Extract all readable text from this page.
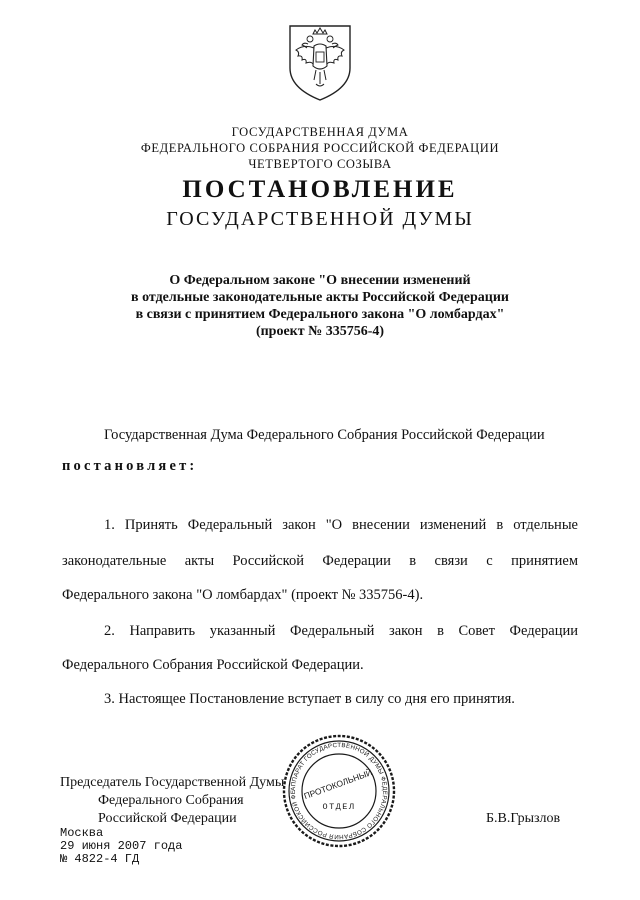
ГОСУДАРСТВЕННАЯ ДУМА
ФЕДЕРАЛЬНОГО СОБРАНИЯ РОССИЙСКОЙ ФЕДЕРАЦИИ
ЧЕТВЕРТОГО СОЗЫВА
ПОСТАНОВЛЕНИЕ
ГОСУДАРСТВЕННОЙ ДУМЫ
О Федеральном законе "О внесении изменений
в отдельные законодательные акты Российской Федерации
в связи с принятием Федерального закона "О ломбардах"
(проект № 335756-4)
Государственная Дума Федерального Собрания Российской Федерации
постановляет:
1. Принять Федеральный закон "О внесении изменений в отдельные
законодательные акты Российской Федерации в связи с принятием
Федерального закона "О ломбардах" (проект № 335756-4).
2. Направить указанный Федеральный закон в Совет Федерации
Федерального Собрания Российской Федерации.
3. Настоящее Постановление вступает в силу со дня его принятия.
Председатель Государственной Думы
Федерального Собрания
Российской Федерации	Б.В.Грызлов
АППАРАТ ГОСУДАРСТВЕННОЙ ДУМЫ ФЕДЕРАЛЬНОГО СОБРАНИЯ РОССИЙСКОЙ ФЕ ПРОТОКОЛЬНЫЙ
ОТДЕЛ
Москва
29 июня 2007 года
№ 4822-4 ГД
